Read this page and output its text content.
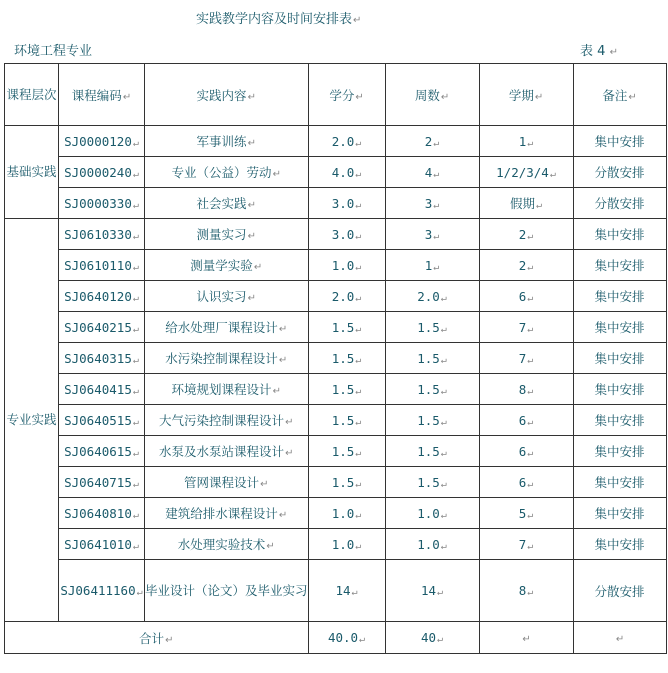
实践教学内容及时间安排表↵
环境工程专业	表 4 ↵
课程层次	课程编码↵	实践内容↵	学分↵	周数↵	学期↵	备注↵
基础实践	SJ0000120↵	军事训练↵	2.0↵	2↵	1↵	集中安排
	SJ0000240↵	专业（公益）劳动↵	4.0↵	4↵	1/2/3/4↵	分散安排
	SJ0000330↵	社会实践↵	3.0↵	3↵	假期↵	分散安排
专业实践	SJ0610330↵	测量实习↵	3.0↵	3↵	2↵	集中安排
	SJ0610110↵	测量学实验↵	1.0↵	1↵	2↵	集中安排
	SJ0640120↵	认识实习↵	2.0↵	2.0↵	6↵	集中安排
	SJ0640215↵	给水处理厂课程设计↵	1.5↵	1.5↵	7↵	集中安排
	SJ0640315↵	水污染控制课程设计↵	1.5↵	1.5↵	7↵	集中安排
	SJ0640415↵	环境规划课程设计↵	1.5↵	1.5↵	8↵	集中安排
	SJ0640515↵	大气污染控制课程设计↵	1.5↵	1.5↵	6↵	集中安排
	SJ0640615↵	水泵及水泵站课程设计↵	1.5↵	1.5↵	6↵	集中安排
	SJ0640715↵	管网课程设计↵	1.5↵	1.5↵	6↵	集中安排
	SJ0640810↵	建筑给排水课程设计↵	1.0↵	1.0↵	5↵	集中安排
	SJ0641010↵	水处理实验技术↵	1.0↵	1.0↵	7↵	集中安排
	SJ06411160↵	毕业设计（论文）及毕业实习	14↵	14↵	8↵	分散安排
合计↵			40.0↵	40↵	↵	↵
